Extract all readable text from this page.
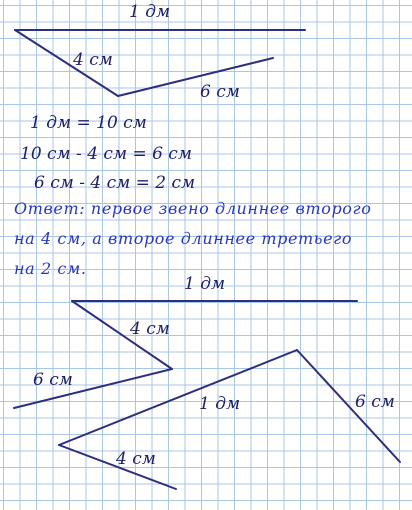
1 дм
4 см
6 см
1 дм = 10 см
10 см - 4 см = 6 см
6 см - 4 см = 2 см
Ответ: первое звено длиннее второго
на 4 см, а второе длиннее третьего
на 2 см.
1 дм
4 см
6 см
1 дм	6 см
4 см
